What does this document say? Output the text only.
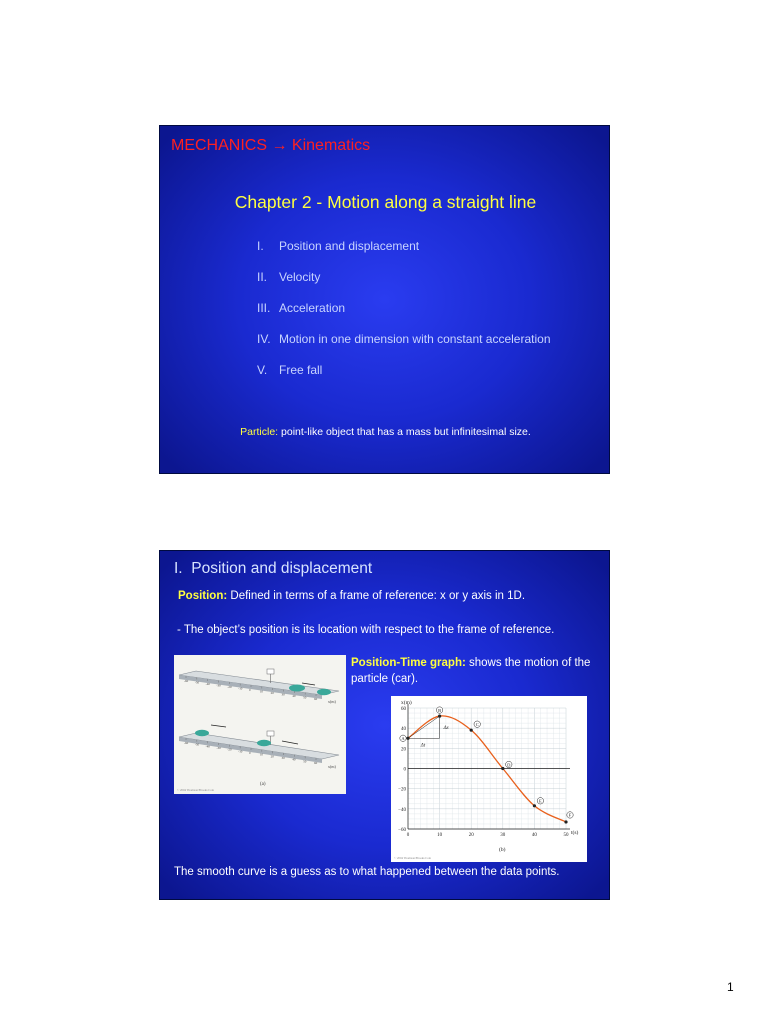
MECHANICS → Kinematics
Chapter 2 - Motion along a straight line
I. Position and displacement
II. Velocity
III. Acceleration
IV. Motion in one dimension with constant acceleration
V. Free fall
Particle: point-like object that has a mass but infinitesimal size.
I. Position and displacement
Position: Defined in terms of a frame of reference: x or y axis in 1D.
- The object’s position is its location with respect to the frame of reference.
-60 -50 -40 -30 -20 -10 0	10 20 30 40 50 60
-60 -50 -40 -30 -20 -10 0	10 20 30 40 50 60
x(m)
x(m)
(a)
© 2004 Thomson/Brooks Cole
Position-Time graph: shows the motion of the particle (car).
60
40
20
0
−20
−40
−60
0	10	20	30	40	50
Δx
Δt
A
B
C
D
E
F
x(m)
t(s)
(b)
© 2004 Thomson/Brooks Cole
The smooth curve is a guess as to what happened between the data points.
1
